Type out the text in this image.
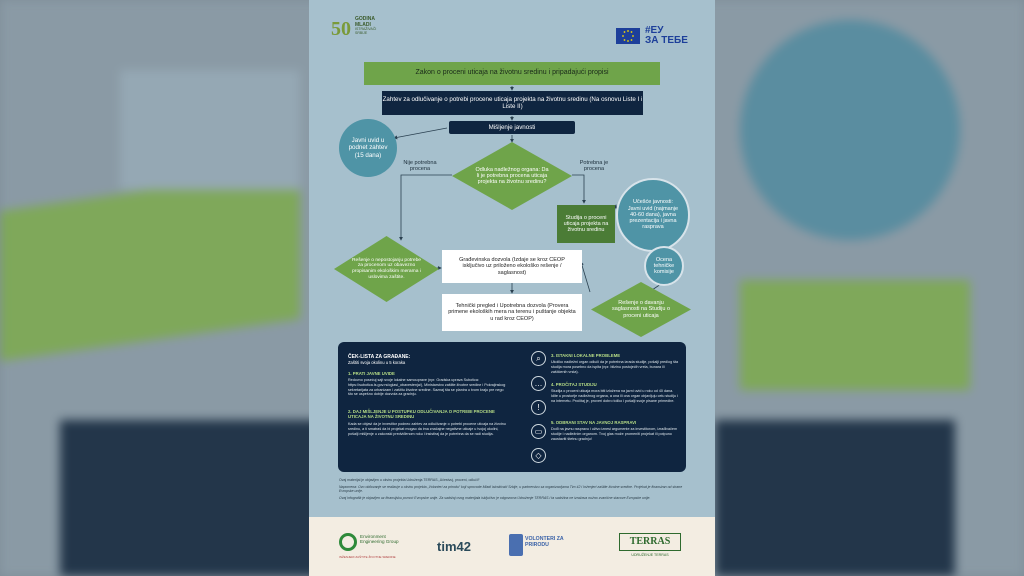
50 GODINA
MLADI
ISTRAŽIVAČI
SRBIJE	#ЕУ
ЗА ТЕБЕ
Zakon o proceni uticaja na životnu sredinu i pripadajući propisi
Zahtev za odlučivanje o potrebi procene uticaja projekta na životnu sredinu (Na osnovu Liste I i Liste II)
Mišljenje javnosti
Javni uvid u podnet zahtev (15 dana)
Odluka nadležnog organa: Da li je potrebna procena uticaja projekta na životnu sredinu?
Nije potrebna procena
Potrebna je procena
Studija o proceni uticaja projekta na životnu sredinu
Učešće javnosti: Javni uvid (najmanje 40-60 dana), javna prezentacija i javna rasprava
Ocena tehničke komisije
Rešenje o nepostojanju potrebe za procenom uz obavezno propisanim ekološkim merama i uslovima zaštite.
Građevinska dozvola (Izdaje se kroz CEOP isključivo uz priloženo ekološko rešenje / saglasnost)
Tehnički pregled i Upotrebna dozvola (Provera primene ekoloških mera na terenu i puštanje objekta u rad kroz CEOP)
Rešenje o davanju saglasnosti na Studiju o proceni uticaja
ČEK-LISTA ZA GRAĐANE:
Zaštiti svoja okolinu u 5 koraka
1. PRATI JAVNE UVIDE
Redovno posećuj sajt svoje lokalne samouprave (npr. Gradska uprava Subotica: https://subotica.ls.gov.rs/oglasi_obavestenja/), Ministarstvo zaštite životne sredine i Pokrajinskog sekretarijata za urbanizam i zaštitu životne sredine. Saznaj šta se planira u tvom kraju pre nego što se uspešno dobije dozvola za gradnju.
2. DAJ MIŠLJENJE U POSTUPKU ODLUČIVANJA O POTREBI PROCENE UTICAJA NA ŽIVOTNU SREDINU
Kada se objavi da je investitor podneo zahtev za odlučivanje o potrebi procene uticaja na životnu sredinu, a ti smatraš da bi projekat mogao da ima značajne negativne uticaje u tvojoj okolini, pošalji mišljenje u zakonski predviđenom roku i insistiraj da je potrebna da se radi studija.
⌕
…
!
▭
◇
3. ISTAKNI LOKALNE PROBLEME
Ukoliko nadležni organ odluči da je potrebna izrada studije, pošalji predlog šta studija mora posebno da ispita (npr. blizinu postojećih vrela, bunara ili zaštićenih vrsta).
4. PROČITAJ STUDIJU
Studija o proceni uticaja mora biti izložena na javni uvid u roku od 40 dana. Idite u prostorije nadležnog organa, a ona ili ona organ objavljuju celu studiju i na internetu. Pročitaj je, proveri dobro toliko i pošalji svoje pisane primedbe.
5. ODBRANI STAV NA JAVNOJ RASPRAVI
Dođi na javnu raspravu i uživo iznesi argumente za investitorom, izrađivačem studije i nadležnim organom. Tvoj glas može promeniti projekat ili potpuno zaustaviti štetnu gradnju!
Ovaj materijal je objavljen u okviru projekta Udruženja TERRAS „Učestvuj, proceni, odluči!“
Napomena: Ovo obilovanje se realizuje u okviru projekta „Volonteri za prirodu“ koji sprovode Mladi istraživači Srbije, u partnerstvu sa organizacijama Tim 42 i Inženjeri zaštite životne sredine. Projekat je finansiran od strane Evropske unije.
Ovaj infografik je objavljen uz finansijsku pomoć Evropske unije. Za sadržaj ovog materijala isključivo je odgovorna Udruženje TERRAS i ta sadržina ne izražava nužno zvanične stavove Evropske unije.
Environment Engineering Group
INŽENJERI ZAŠTITE ŽIVOTNE SREDINE
tim42	VOLONTERI ZA PRIRODU	TERRAS
UDRUŽENJE TERRAS
